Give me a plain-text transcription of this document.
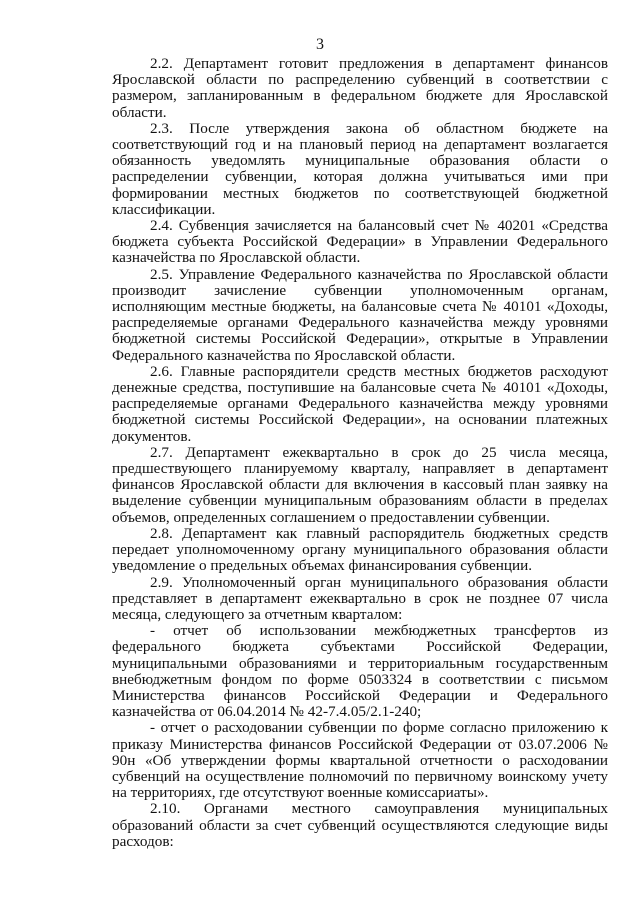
3

2.2. Департамент готовит предложения в департамент финансов Ярославской области по распределению субвенций в соответствии с размером, запланированным в федеральном бюджете для Ярославской области.

2.3. После утверждения закона об областном бюджете на соответствующий год и на плановый период на департамент возлагается обязанность уведомлять муниципальные образования области о распределении субвенции, которая должна учитываться ими при формировании местных бюджетов по соответствующей бюджетной классификации.

2.4. Субвенция зачисляется на балансовый счет № 40201 «Средства бюджета субъекта Российской Федерации» в Управлении Федерального казначейства по Ярославской области.

2.5. Управление Федерального казначейства по Ярославской области производит зачисление субвенции уполномоченным органам, исполняющим местные бюджеты, на балансовые счета № 40101 «Доходы, распределяемые органами Федерального казначейства между уровнями бюджетной системы Российской Федерации», открытые в Управлении Федерального казначейства по Ярославской области.

2.6. Главные распорядители средств местных бюджетов расходуют денежные средства, поступившие на балансовые счета № 40101 «Доходы, распределяемые органами Федерального казначейства между уровнями бюджетной системы Российской Федерации», на основании платежных документов.

2.7. Департамент ежеквартально в срок до 25 числа месяца, предшествующего планируемому кварталу, направляет в департамент финансов Ярославской области для включения в кассовый план заявку на выделение субвенции муниципальным образованиям области в пределах объемов, определенных соглашением о предоставлении субвенции.

2.8. Департамент как главный распорядитель бюджетных средств передает уполномоченному органу муниципального образования области уведомление о предельных объемах финансирования субвенции.

2.9. Уполномоченный орган муниципального образования области представляет в департамент ежеквартально в срок не позднее 07 числа месяца, следующего за отчетным кварталом:

- отчет об использовании межбюджетных трансфертов из федерального бюджета субъектами Российской Федерации, муниципальными образованиями и территориальным государственным внебюджетным фондом по форме 0503324 в соответствии с письмом Министерства финансов Российской Федерации и Федерального казначейства от 06.04.2014 № 42-7.4.05/2.1-240;

- отчет о расходовании субвенции по форме согласно приложению к приказу Министерства финансов Российской Федерации от 03.07.2006 № 90н «Об утверждении формы квартальной отчетности о расходовании субвенций на осуществление полномочий по первичному воинскому учету на территориях, где отсутствуют военные комиссариаты».

2.10. Органами местного самоуправления муниципальных образований области за счет субвенций осуществляются следующие виды расходов:
